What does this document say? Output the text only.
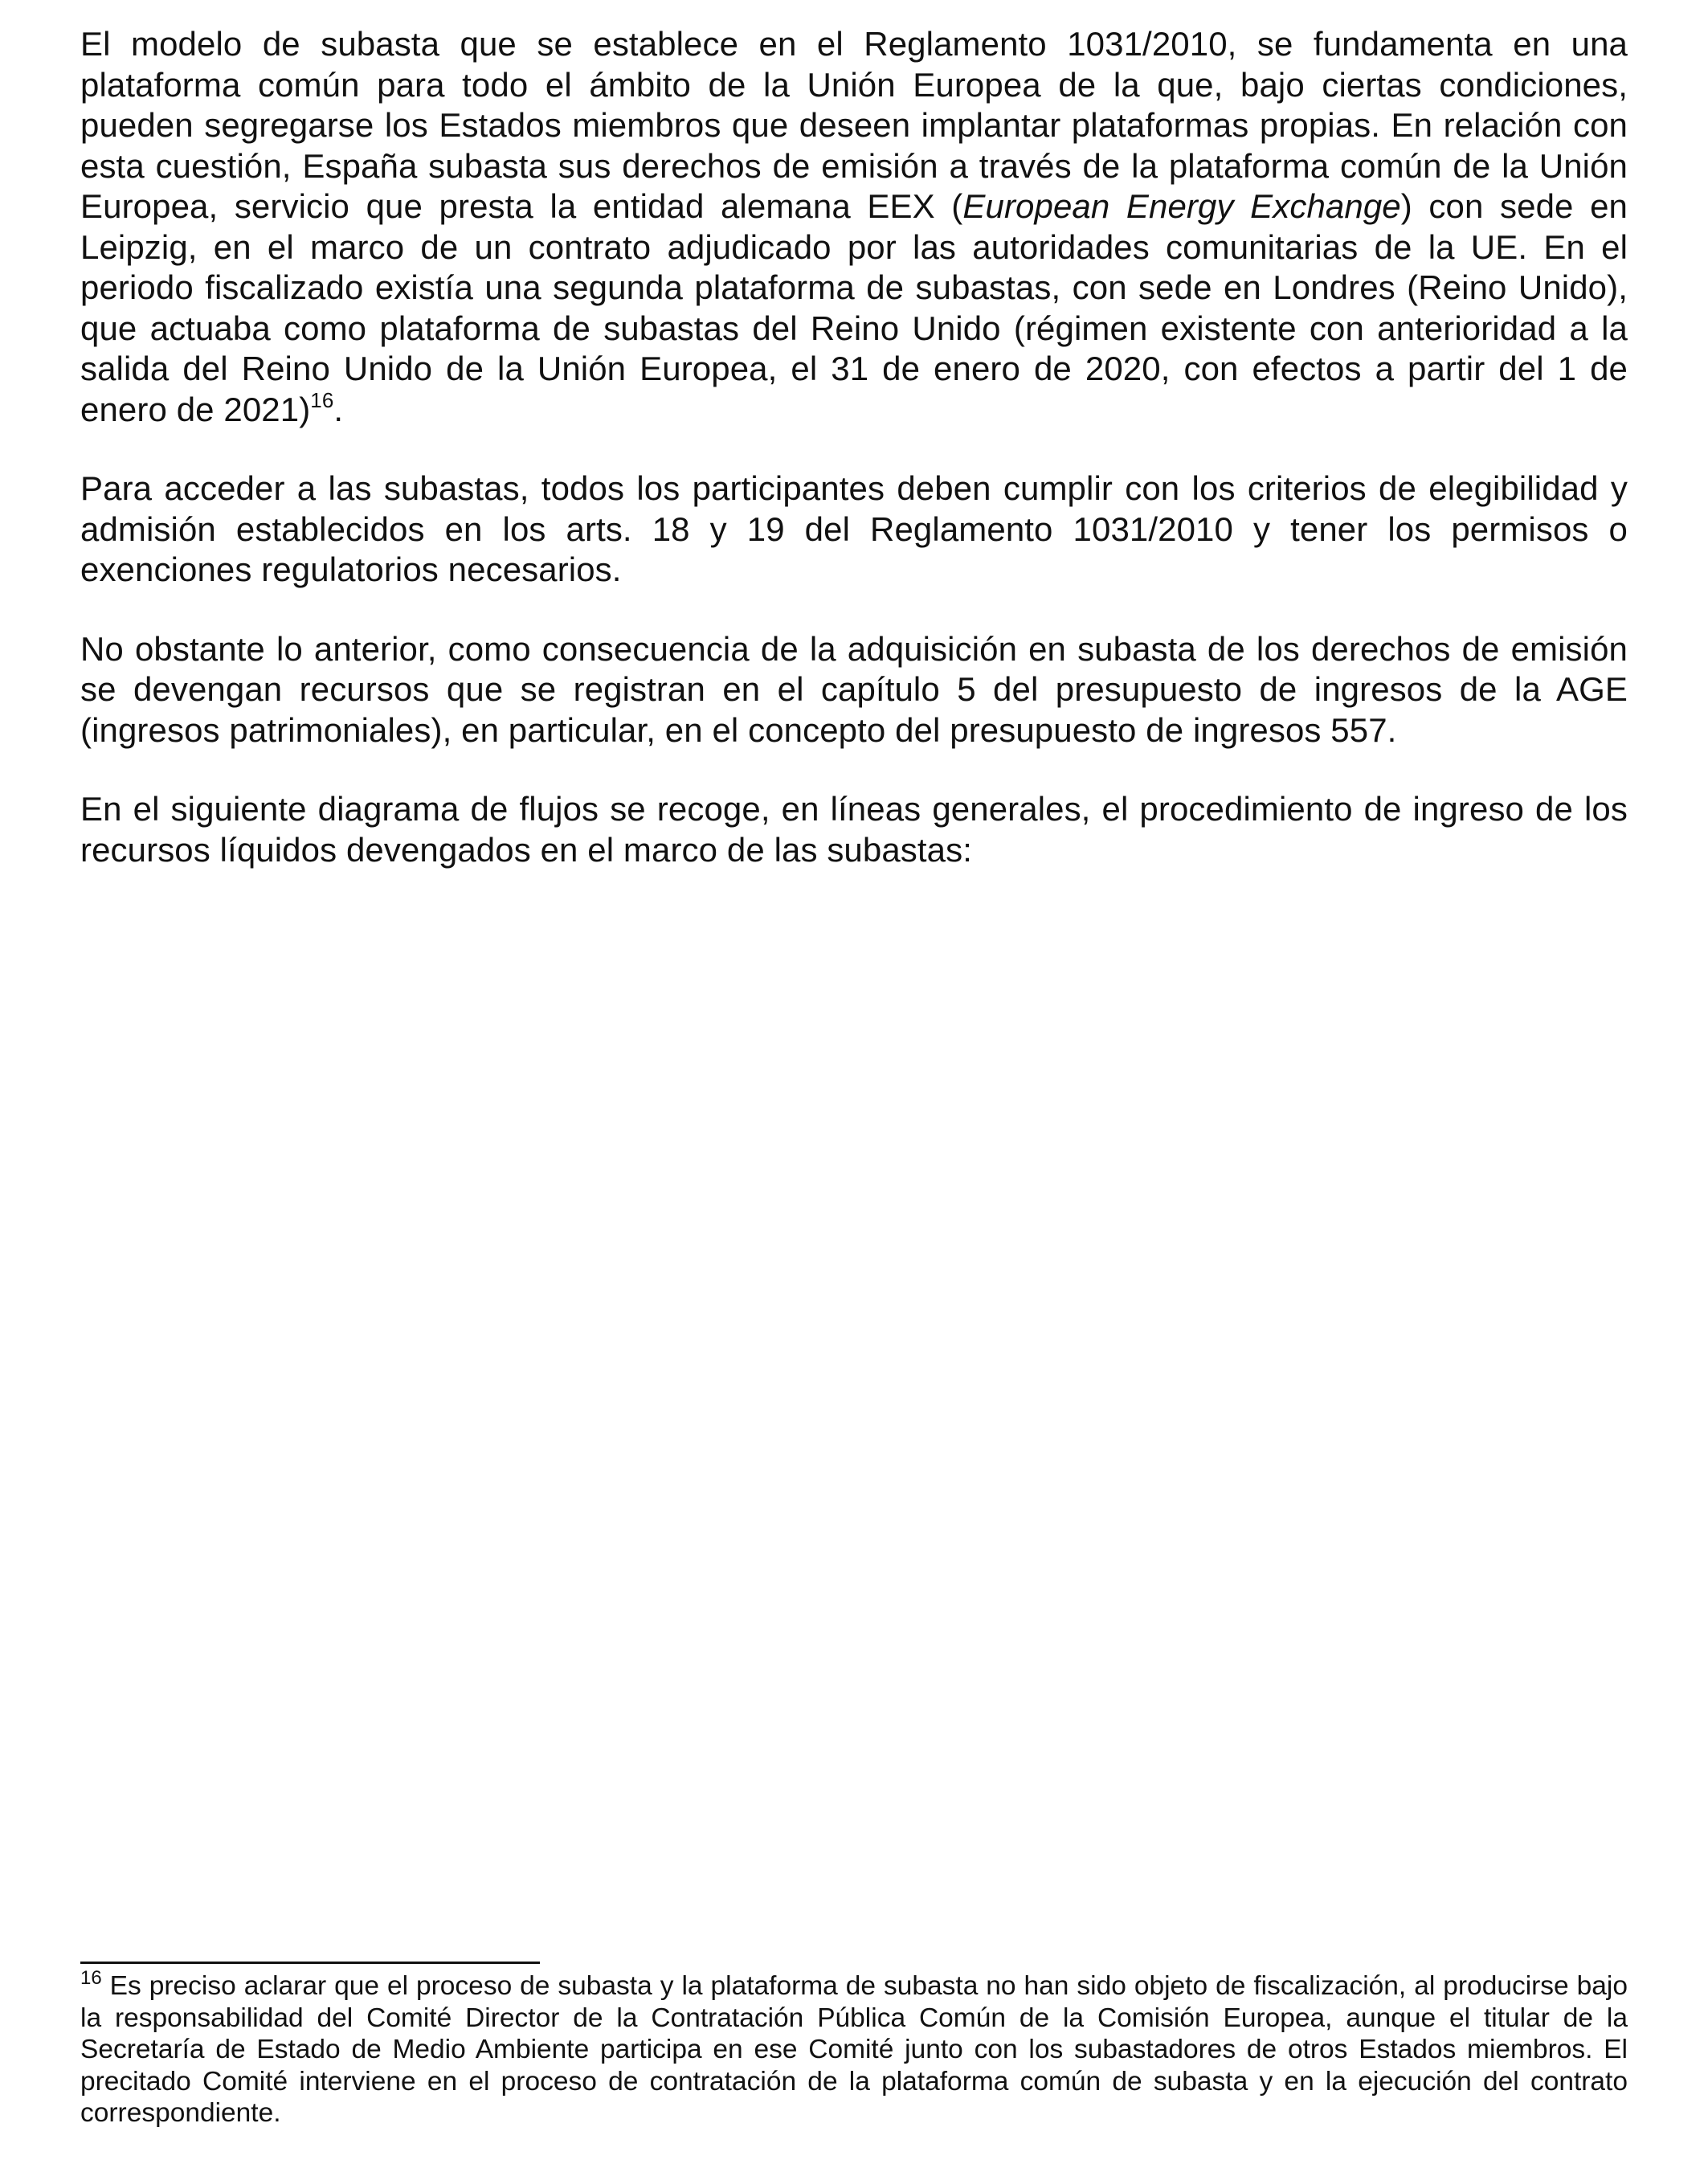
El modelo de subasta que se establece en el Reglamento 1031/2010, se fundamenta en una plataforma común para todo el ámbito de la Unión Europea de la que, bajo ciertas condiciones, pueden segregarse los Estados miembros que deseen implantar plataformas propias. En relación con esta cuestión, España subasta sus derechos de emisión a través de la plataforma común de la Unión Europea, servicio que presta la entidad alemana EEX (European Energy Exchange) con sede en Leipzig, en el marco de un contrato adjudicado por las autoridades comunitarias de la UE. En el periodo fiscalizado existía una segunda plataforma de subastas, con sede en Londres (Reino Unido), que actuaba como plataforma de subastas del Reino Unido (régimen existente con anterioridad a la salida del Reino Unido de la Unión Europea, el 31 de enero de 2020, con efectos a partir del 1 de enero de 2021)$^{16}$.

Para acceder a las subastas, todos los participantes deben cumplir con los criterios de elegibilidad y admisión establecidos en los arts. 18 y 19 del Reglamento 1031/2010 y tener los permisos o exenciones regulatorios necesarios.

No obstante lo anterior, como consecuencia de la adquisición en subasta de los derechos de emisión se devengan recursos que se registran en el capítulo 5 del presupuesto de ingresos de la AGE (ingresos patrimoniales), en particular, en el concepto del presupuesto de ingresos 557.

En el siguiente diagrama de flujos se recoge, en líneas generales, el procedimiento de ingreso de los recursos líquidos devengados en el marco de las subastas:

$^{16}$ Es preciso aclarar que el proceso de subasta y la plataforma de subasta no han sido objeto de fiscalización, al producirse bajo la responsabilidad del Comité Director de la Contratación Pública Común de la Comisión Europea, aunque el titular de la Secretaría de Estado de Medio Ambiente participa en ese Comité junto con los subastadores de otros Estados miembros. El precitado Comité interviene en el proceso de contratación de la plataforma común de subasta y en la ejecución del contrato correspondiente.
